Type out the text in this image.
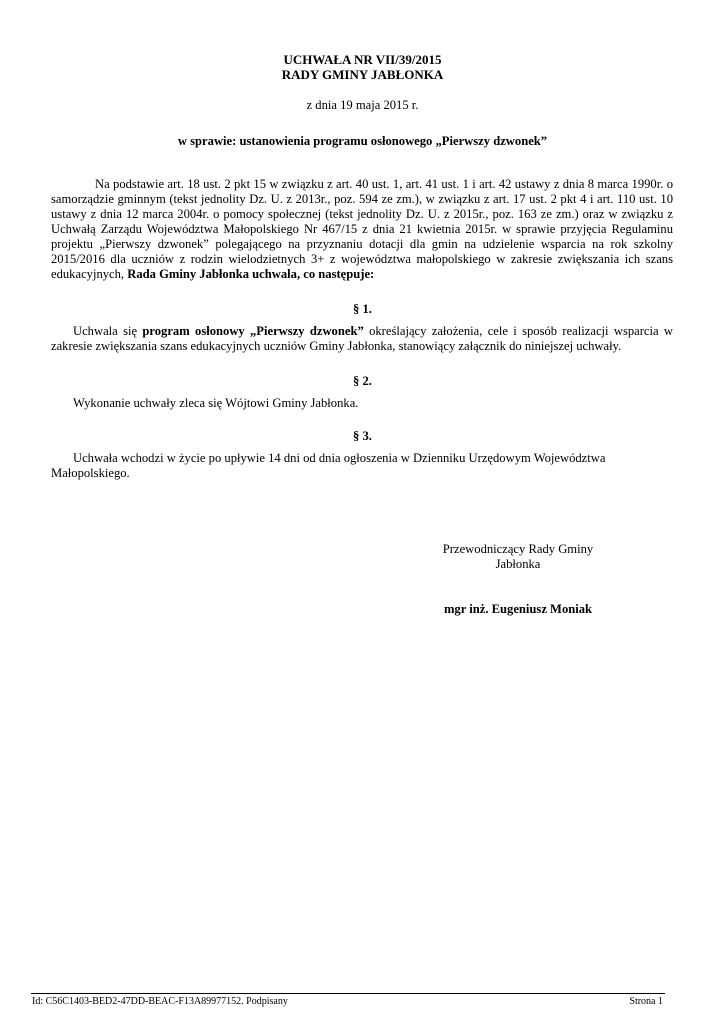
UCHWAŁA NR VII/39/2015
RADY GMINY JABŁONKA
z dnia 19 maja 2015 r.
w sprawie: ustanowienia programu osłonowego „Pierwszy dzwonek”
Na podstawie art. 18 ust. 2 pkt 15 w związku z art. 40 ust. 1, art. 41 ust. 1 i art. 42 ustawy z dnia 8 marca 1990r. o samorządzie gminnym (tekst jednolity Dz. U. z 2013r., poz. 594 ze zm.), w związku z art. 17 ust. 2 pkt 4 i art. 110 ust. 10 ustawy z dnia 12 marca 2004r. o pomocy społecznej (tekst jednolity Dz. U. z 2015r., poz. 163 ze zm.) oraz w związku z Uchwałą Zarządu Województwa Małopolskiego Nr 467/15 z dnia 21 kwietnia 2015r. w sprawie przyjęcia Regulaminu projektu „Pierwszy dzwonek” polegającego na przyznaniu dotacji dla gmin na udzielenie wsparcia na rok szkolny 2015/2016 dla uczniów z rodzin wielodzietnych 3+ z województwa małopolskiego w zakresie zwiększania ich szans edukacyjnych, Rada Gminy Jabłonka uchwala, co następuje:
§ 1.
Uchwala się program osłonowy „Pierwszy dzwonek” określający założenia, cele i sposób realizacji wsparcia w zakresie zwiększania szans edukacyjnych uczniów Gminy Jabłonka, stanowiący załącznik do niniejszej uchwały.
§ 2.
Wykonanie uchwały zleca się Wójtowi Gminy Jabłonka.
§ 3.
Uchwała wchodzi w życie po upływie 14 dni od dnia ogłoszenia w Dzienniku Urzędowym Województwa Małopolskiego.
Przewodniczący Rady Gminy
Jabłonka
mgr inż. Eugeniusz Moniak
Id: C56C1403-BED2-47DD-BEAC-F13A89977152. Podpisany	Strona 1
